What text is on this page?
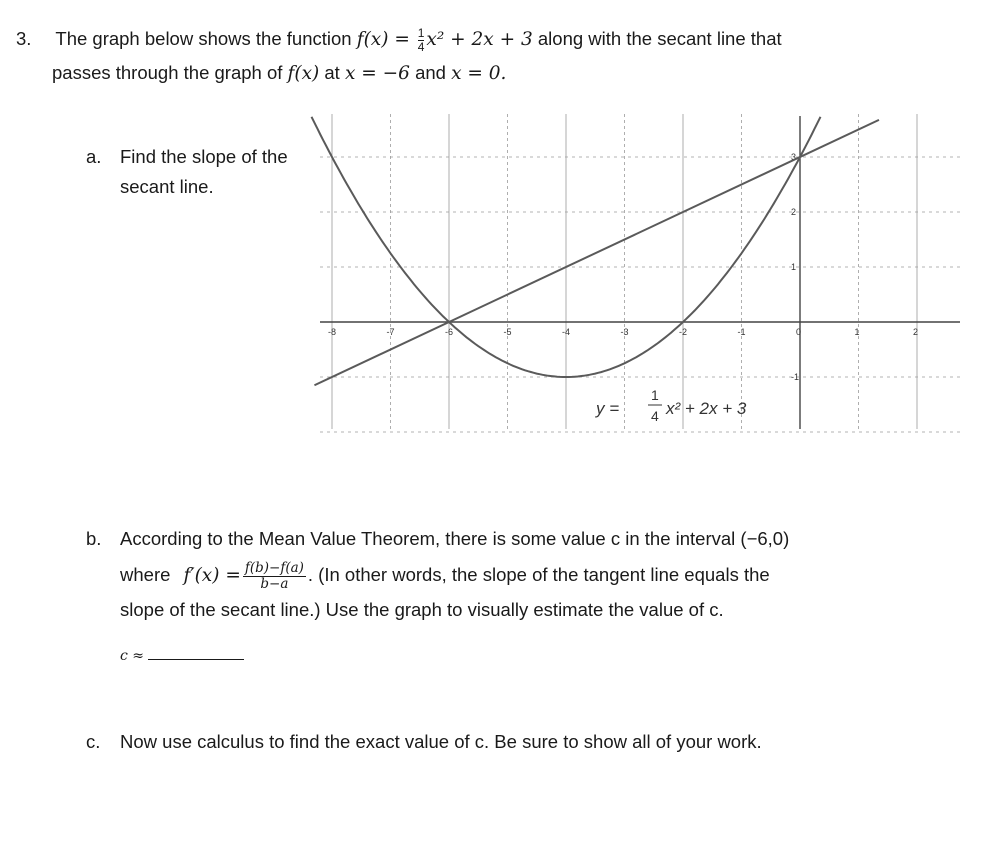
3. The graph below shows the function $f(x) = \frac{1}{4} x^2 + 2x + 3$ along with the secant line that
passes through the graph of f(x) at x = −6 and x = 0.
a. Find the slope of the
secant line.
-8	-7	-6	-5	-4	-3	-2	-1	0	1	2
3
2
1
-1
y =
1
4 x² + 2x + 3
b. According to the Mean Value Theorem, there is some value c in the interval (−6,0)
where $f'(x) = \frac{f(b)-f(a)}{b-a}$ . (In other words, the slope of the tangent line equals the
slope of the secant line.) Use the graph to visually estimate the value of c.
c ≈
c. Now use calculus to find the exact value of c. Be sure to show all of your work.
